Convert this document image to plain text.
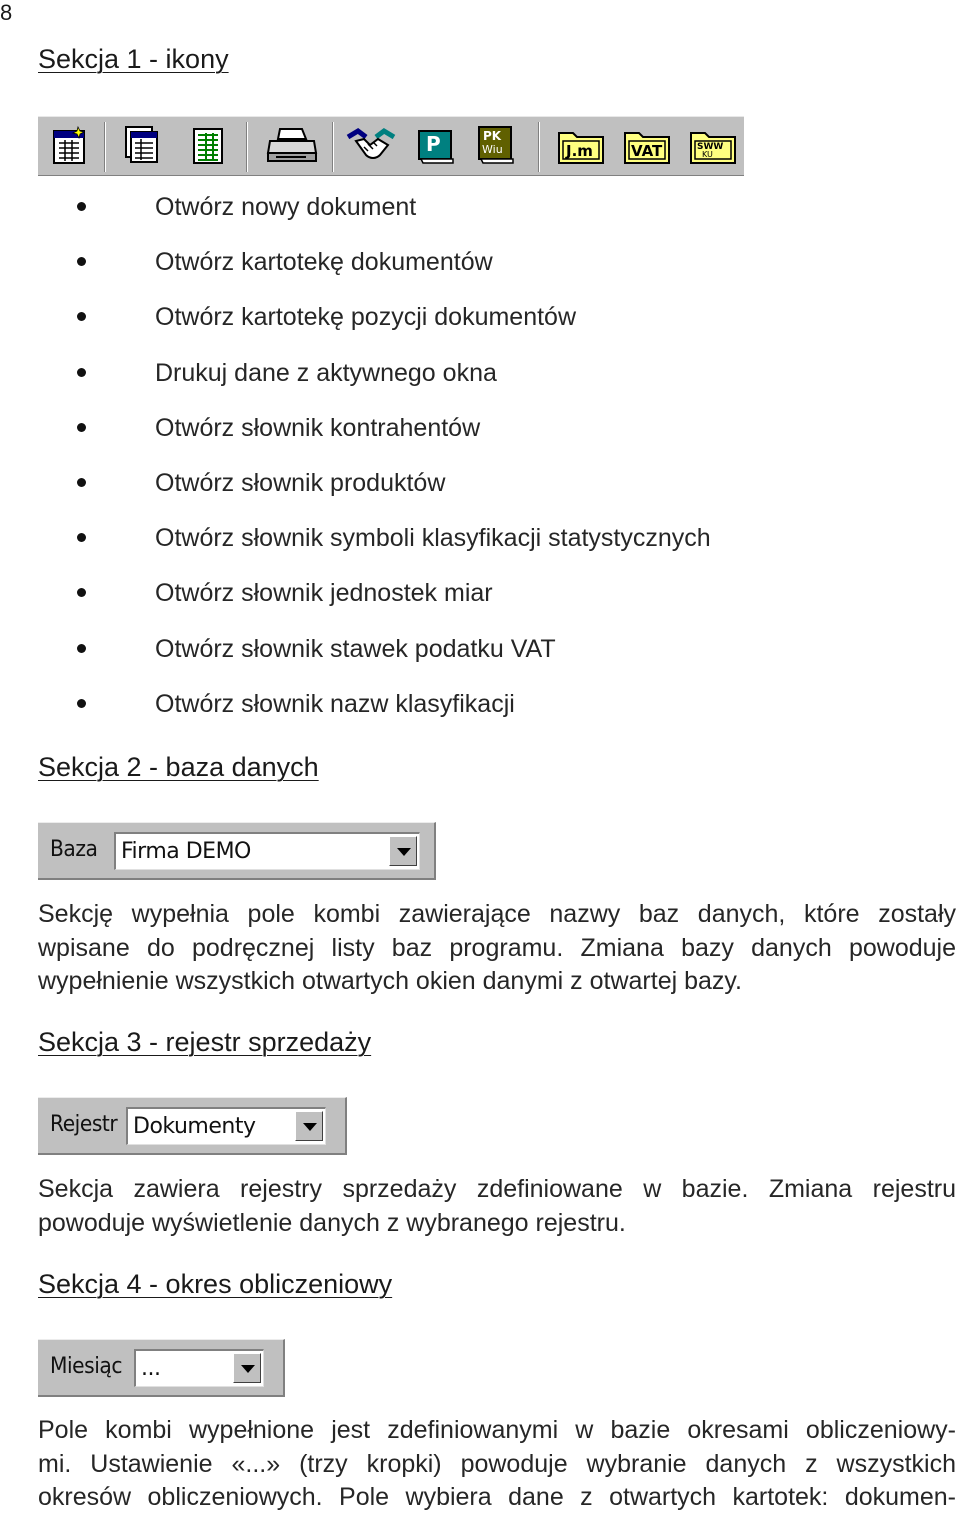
8
Sekcja 1 - ikony
P	PK
Wiu	J.m	VAT	SWW
KU
Otwórz nowy dokument
Otwórz kartotekę dokumentów
Otwórz kartotekę pozycji dokumentów
Drukuj dane z aktywnego okna
Otwórz słownik kontrahentów
Otwórz słownik produktów
Otwórz słownik symboli klasyfikacji statystycznych
Otwórz słownik jednostek miar
Otwórz słownik stawek podatku VAT
Otwórz słownik nazw klasyfikacji
Sekcja 2 - baza danych
Baza Firma DEMO

Sekcję wypełnia pole kombi zawierające nazwy baz danych, które zostały
wpisane do podręcznej listy baz programu. Zmiana bazy danych powoduje
wypełnienie wszystkich otwartych okien danymi z otwartej bazy.

Sekcja 3 - rejestr sprzedaży
Rejestr Dokumenty

Sekcja zawiera rejestry sprzedaży zdefiniowane w bazie. Zmiana rejestru
powoduje wyświetlenie danych z wybranego rejestru.

Sekcja 4 - okres obliczeniowy
Miesiąc ...

Pole kombi wypełnione jest zdefiniowanymi w bazie okresami obliczeniowy-
mi. Ustawienie «...» (trzy kropki) powoduje wybranie danych z wszystkich
okresów obliczeniowych. Pole wybiera dane z otwartych kartotek: dokumen-
